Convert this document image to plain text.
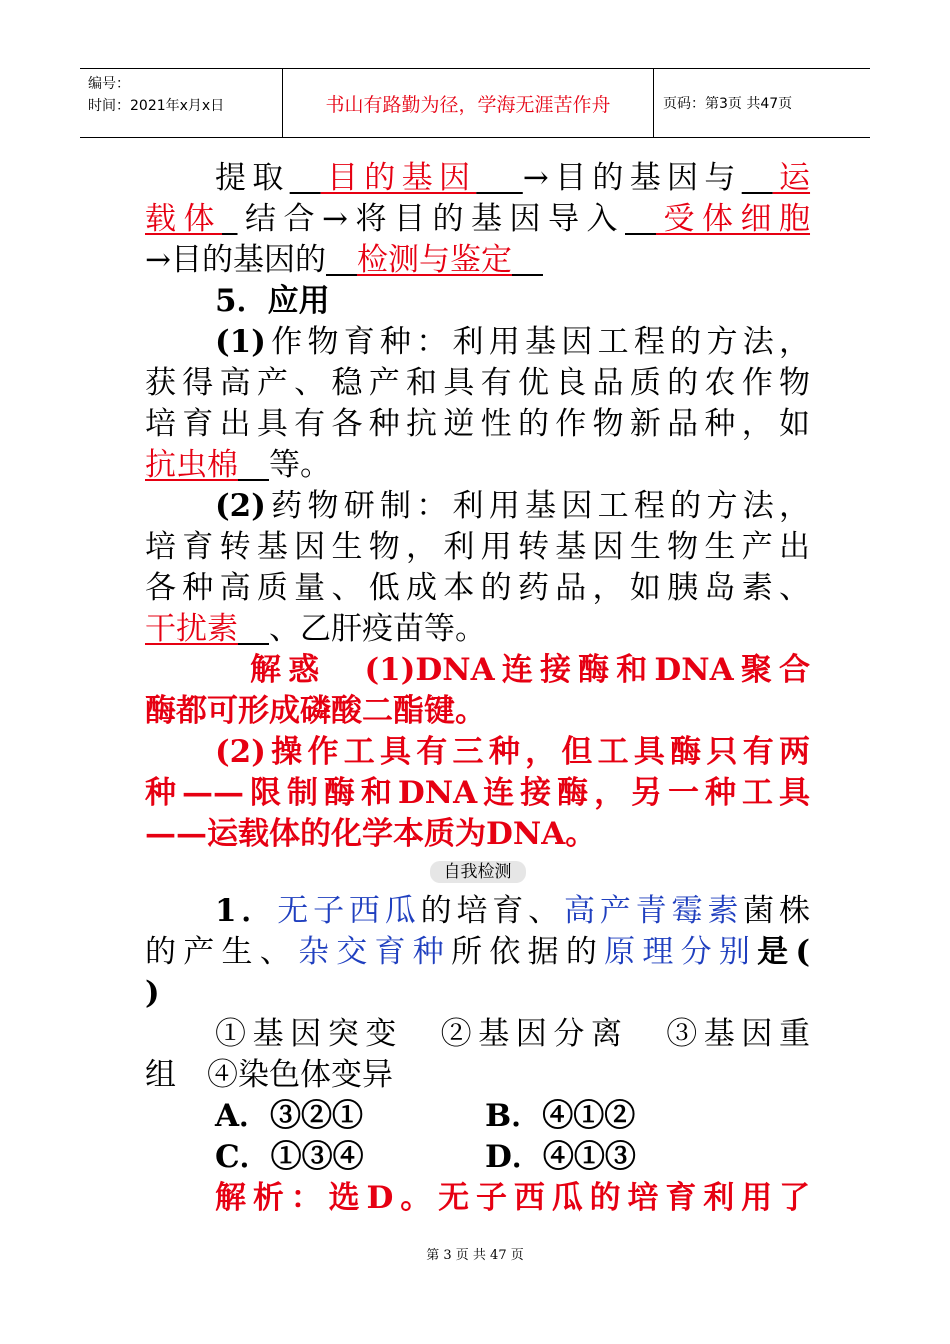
编号：
时间：2021年x月x日	书山有路勤为径，学海无涯苦作舟	页码：第3页 共47页
提取  目的基因   →目的基因与  运
载体  结合→将目的基因导入  受体细胞
→目的基因的  检测与鉴定 
5．应用
(1)作物育种：利用基因工程的方法，
获得高产、稳产和具有优良品质的农作物
培育出具有各种抗逆性的作物新品种，如
抗虫棉  等。
(2)药物研制：利用基因工程的方法，
培育转基因生物，利用转基因生物生产出
各种高质量、低成本的药品，如胰岛素、
干扰素  、乙肝疫苗等。
解惑　(1)DNA连接酶和DNA聚合
酶都可形成磷酸二酯键。
(2)操作工具有三种，但工具酶只有两
种——限制酶和DNA连接酶，另一种工具
——运载体的化学本质为DNA。
自我检测
1．无子西瓜的培育、高产青霉素菌株
的产生、杂交育种所依据的原理分别是(
)
①基因突变　②基因分离　③基因重
组　④染色体变异
A．③②①	B．④①②
C．①③④	D．④①③
解析：选D。无子西瓜的培育利用了
第 3 页 共 47 页
